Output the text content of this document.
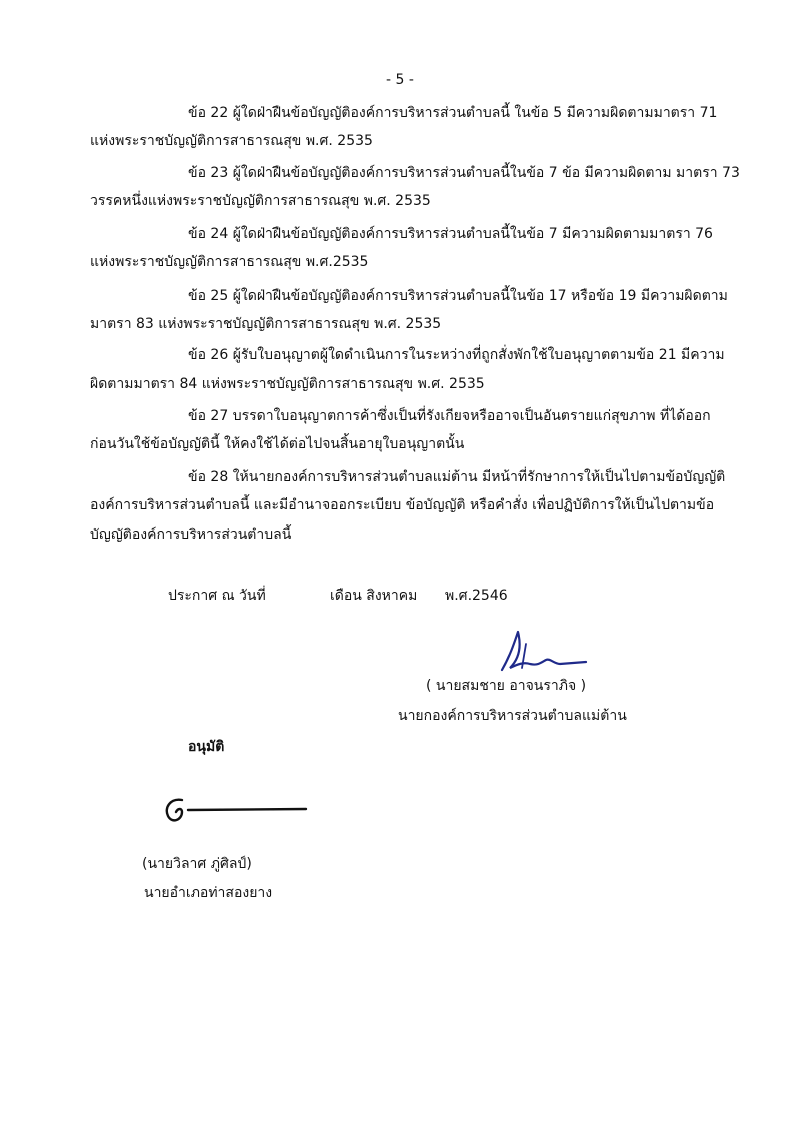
- 5 -
ข้อ 22 ผู้ใดฝ่าฝืนข้อบัญญัติองค์การบริหารส่วนตำบลนี้ ในข้อ 5 มีความผิดตามมาตรา 71
แห่งพระราชบัญญัติการสาธารณสุข พ.ศ. 2535
ข้อ 23 ผู้ใดฝ่าฝืนข้อบัญญัติองค์การบริหารส่วนตำบลนี้ในข้อ 7 ข้อ มีความผิดตาม มาตรา 73
วรรคหนึ่งแห่งพระราชบัญญัติการสาธารณสุข พ.ศ. 2535
ข้อ 24 ผู้ใดฝ่าฝืนข้อบัญญัติองค์การบริหารส่วนตำบลนี้ในข้อ 7 มีความผิดตามมาตรา 76
แห่งพระราชบัญญัติการสาธารณสุข พ.ศ.2535
ข้อ 25 ผู้ใดฝ่าฝืนข้อบัญญัติองค์การบริหารส่วนตำบลนี้ในข้อ 17 หรือข้อ 19 มีความผิดตาม
มาตรา 83 แห่งพระราชบัญญัติการสาธารณสุข พ.ศ. 2535
ข้อ 26 ผู้รับใบอนุญาตผู้ใดดำเนินการในระหว่างที่ถูกสั่งพักใช้ใบอนุญาตตามข้อ 21 มีความ
ผิดตามมาตรา 84 แห่งพระราชบัญญัติการสาธารณสุข พ.ศ. 2535
ข้อ 27 บรรดาใบอนุญาตการค้าซึ่งเป็นที่รังเกียจหรืออาจเป็นอันตรายแก่สุขภาพ ที่ได้ออก
ก่อนวันใช้ข้อบัญญัตินี้ ให้คงใช้ได้ต่อไปจนสิ้นอายุใบอนุญาตนั้น
ข้อ 28 ให้นายกองค์การบริหารส่วนตำบลแม่ต้าน มีหน้าที่รักษาการให้เป็นไปตามข้อบัญญัติ
องค์การบริหารส่วนตำบลนี้ และมีอำนาจออกระเบียบ ข้อบัญญัติ หรือคำสั่ง เพื่อปฏิบัติการให้เป็นไปตามข้อ
บัญญัติองค์การบริหารส่วนตำบลนี้
ประกาศ ณ วันที่	เดือน สิงหาคม พ.ศ.2546
( นายสมชาย อาจนราภิจ )
นายกองค์การบริหารส่วนตำบลแม่ต้าน
อนุมัติ
(นายวิลาศ ภู่ศิลป์)
นายอำเภอท่าสองยาง
